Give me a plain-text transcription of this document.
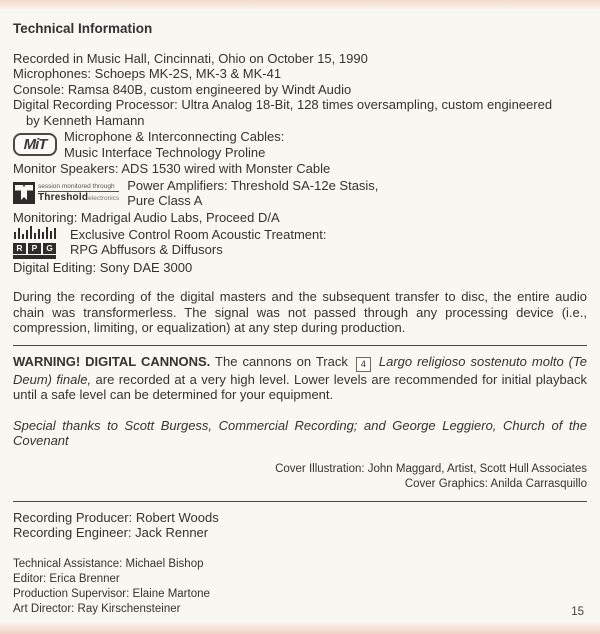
Technical Information
Recorded in Music Hall, Cincinnati, Ohio on October 15, 1990
Microphones: Schoeps MK-2S, MK-3 & MK-41
Console: Ramsa 840B, custom engineered by Windt Audio
Digital Recording Processor: Ultra Analog 18-Bit, 128 times oversampling, custom engineered
by Kenneth Hamann
MiT Microphone & Interconnecting Cables:
Music Interface Technology Proline
Monitor Speakers: ADS 1530 wired with Monster Cable
session monitored through
Thresholdelectronics
Power Amplifiers: Threshold SA-12e Stasis,
Pure Class A
Monitoring: Madrigal Audio Labs, Proceed D/A
R	P	G
Exclusive Control Room Acoustic Treatment:
RPG Abffusors & Diffusors
Digital Editing: Sony DAE 3000
During the recording of the digital masters and the subsequent transfer to disc, the entire audio chain was transformerless. The signal was not passed through any processing device (i.e., compression, limiting, or equalization) at any step during production.
WARNING! DIGITAL CANNONS. The cannons on Track 4 Largo religioso sostenuto molto (Te Deum) finale, are recorded at a very high level. Lower levels are recommended for initial playback until a safe level can be determined for your equipment.
Special thanks to Scott Burgess, Commercial Recording; and George Leggiero, Church of the Covenant
Cover Illustration: John Maggard, Artist, Scott Hull Associates
Cover Graphics: Anilda Carrasquillo
Recording Producer: Robert Woods
Recording Engineer: Jack Renner
Technical Assistance: Michael Bishop
Editor: Erica Brenner
Production Supervisor: Elaine Martone
Art Director: Ray Kirschensteiner	15
